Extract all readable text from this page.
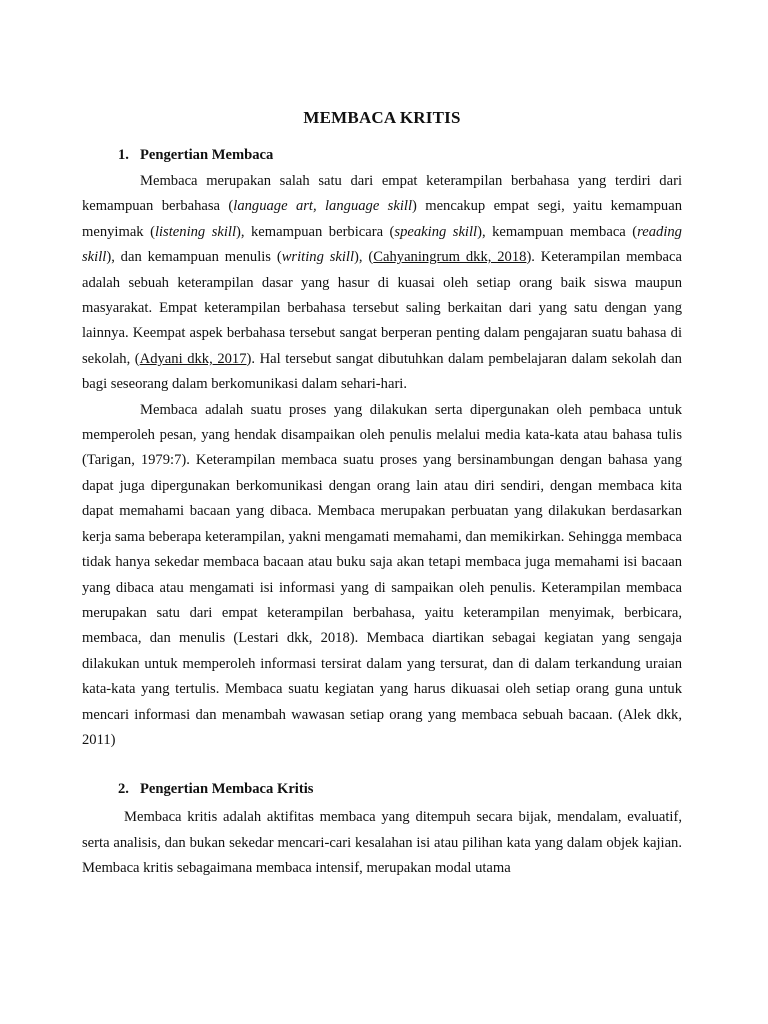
MEMBACA KRITIS
1. Pengertian Membaca

Membaca merupakan salah satu dari empat keterampilan berbahasa yang terdiri dari kemampuan berbahasa (language art, language skill) mencakup empat segi, yaitu kemampuan menyimak (listening skill), kemampuan berbicara (speaking skill), kemampuan membaca (reading skill), dan kemampuan menulis (writing skill), (Cahyaningrum dkk, 2018). Keterampilan membaca adalah sebuah keterampilan dasar yang hasur di kuasai oleh setiap orang baik siswa maupun masyarakat. Empat keterampilan berbahasa tersebut saling berkaitan dari yang satu dengan yang lainnya. Keempat aspek berbahasa tersebut sangat berperan penting dalam pengajaran suatu bahasa di sekolah, (Adyani dkk, 2017). Hal tersebut sangat dibutuhkan dalam pembelajaran dalam sekolah dan bagi seseorang dalam berkomunikasi dalam sehari-hari.

Membaca adalah suatu proses yang dilakukan serta dipergunakan oleh pembaca untuk memperoleh pesan, yang hendak disampaikan oleh penulis melalui media kata-kata atau bahasa tulis (Tarigan, 1979:7). Keterampilan membaca suatu proses yang bersinambungan dengan bahasa yang dapat juga dipergunakan berkomunikasi dengan orang lain atau diri sendiri, dengan membaca kita dapat memahami bacaan yang dibaca. Membaca merupakan perbuatan yang dilakukan berdasarkan kerja sama beberapa keterampilan, yakni mengamati memahami, dan memikirkan. Sehingga membaca tidak hanya sekedar membaca bacaan atau buku saja akan tetapi membaca juga memahami isi bacaan yang dibaca atau mengamati isi informasi yang di sampaikan oleh penulis. Keterampilan membaca merupakan satu dari empat keterampilan berbahasa, yaitu keterampilan menyimak, berbicara, membaca, dan menulis (Lestari dkk, 2018). Membaca diartikan sebagai kegiatan yang sengaja dilakukan untuk memperoleh informasi tersirat dalam yang tersurat, dan di dalam terkandung uraian kata-kata yang tertulis. Membaca suatu kegiatan yang harus dikuasai oleh setiap orang guna untuk mencari informasi dan menambah wawasan setiap orang yang membaca sebuah bacaan. (Alek dkk, 2011)

2. Pengertian Membaca Kritis

Membaca kritis adalah aktifitas membaca yang ditempuh secara bijak, mendalam, evaluatif, serta analisis, dan bukan sekedar mencari-cari kesalahan isi atau pilihan kata yang dalam objek kajian. Membaca kritis sebagaimana membaca intensif, merupakan modal utama
